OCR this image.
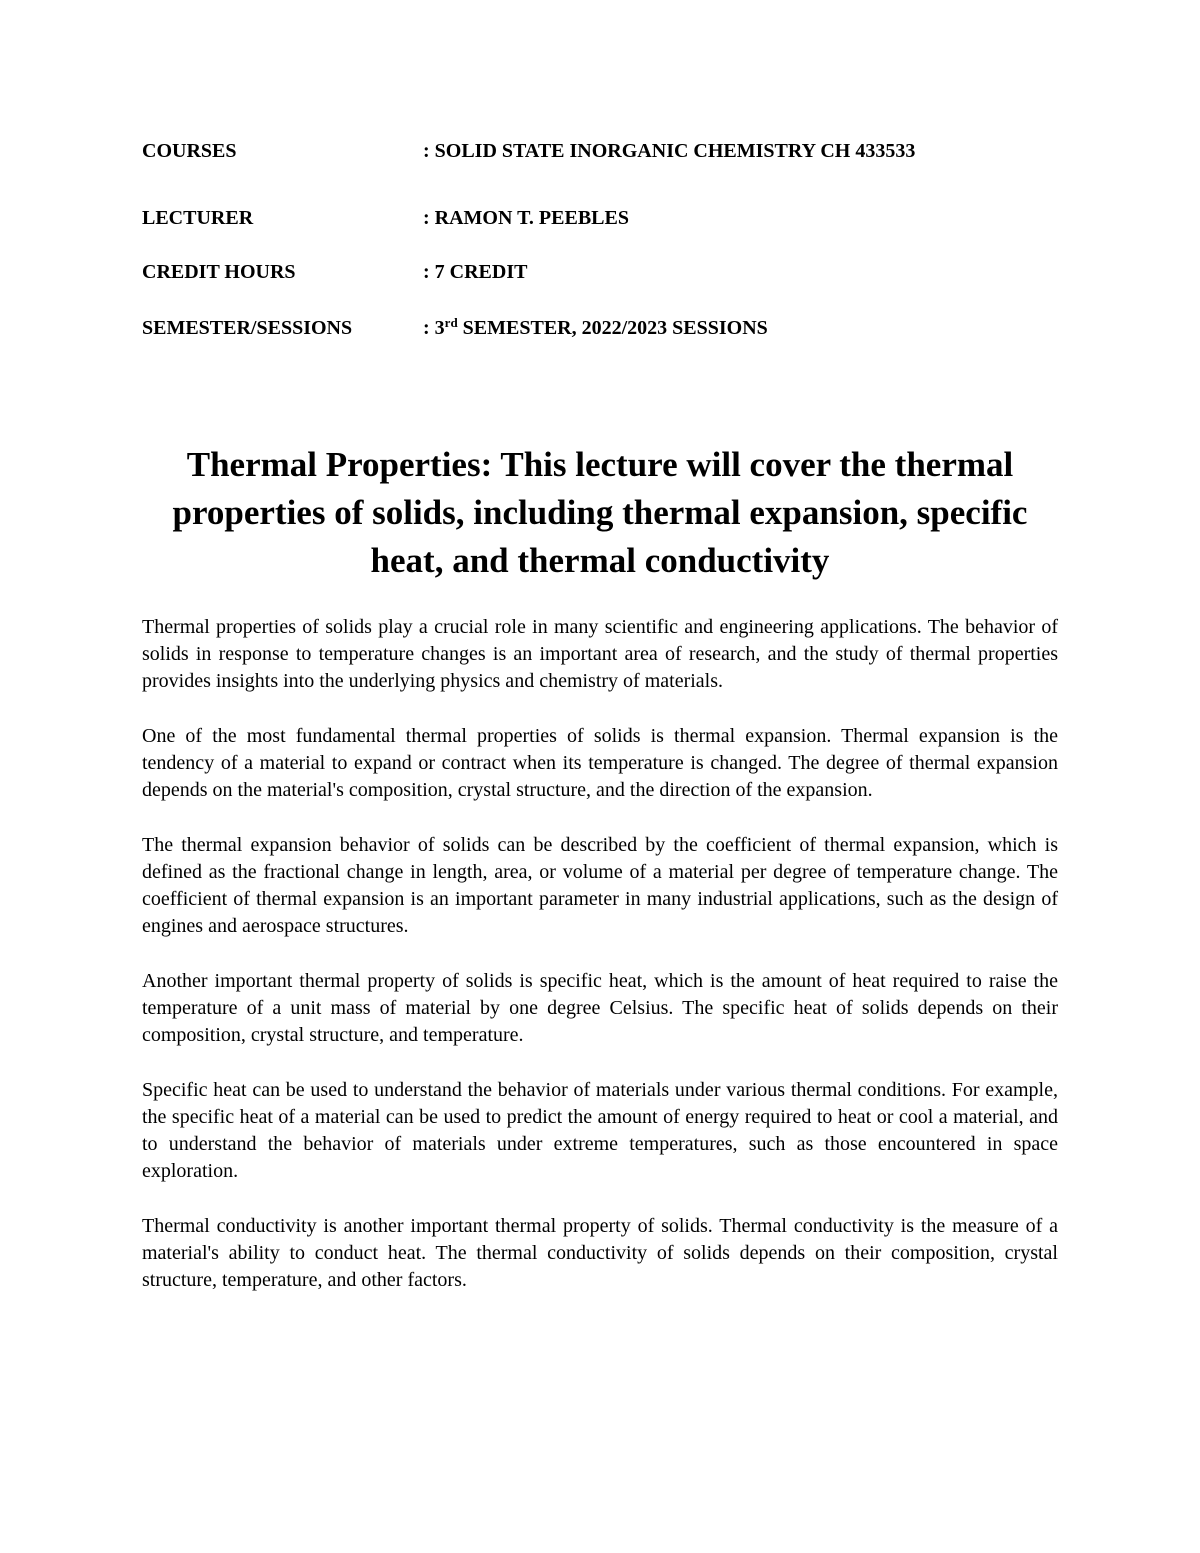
COURSES	: SOLID STATE INORGANIC CHEMISTRY CH 433533
LECTURER	: RAMON T. PEEBLES
CREDIT HOURS	: 7 CREDIT
SEMESTER/SESSIONS	: 3rd SEMESTER, 2022/2023 SESSIONS
Thermal Properties: This lecture will cover the thermal properties of solids, including thermal expansion, specific heat, and thermal conductivity

Thermal properties of solids play a crucial role in many scientific and engineering applications. The behavior of solids in response to temperature changes is an important area of research, and the study of thermal properties provides insights into the underlying physics and chemistry of materials.

One of the most fundamental thermal properties of solids is thermal expansion. Thermal expansion is the tendency of a material to expand or contract when its temperature is changed. The degree of thermal expansion depends on the material's composition, crystal structure, and the direction of the expansion.

The thermal expansion behavior of solids can be described by the coefficient of thermal expansion, which is defined as the fractional change in length, area, or volume of a material per degree of temperature change. The coefficient of thermal expansion is an important parameter in many industrial applications, such as the design of engines and aerospace structures.

Another important thermal property of solids is specific heat, which is the amount of heat required to raise the temperature of a unit mass of material by one degree Celsius. The specific heat of solids depends on their composition, crystal structure, and temperature.

Specific heat can be used to understand the behavior of materials under various thermal conditions. For example, the specific heat of a material can be used to predict the amount of energy required to heat or cool a material, and to understand the behavior of materials under extreme temperatures, such as those encountered in space exploration.

Thermal conductivity is another important thermal property of solids. Thermal conductivity is the measure of a material's ability to conduct heat. The thermal conductivity of solids depends on their composition, crystal structure, temperature, and other factors.
